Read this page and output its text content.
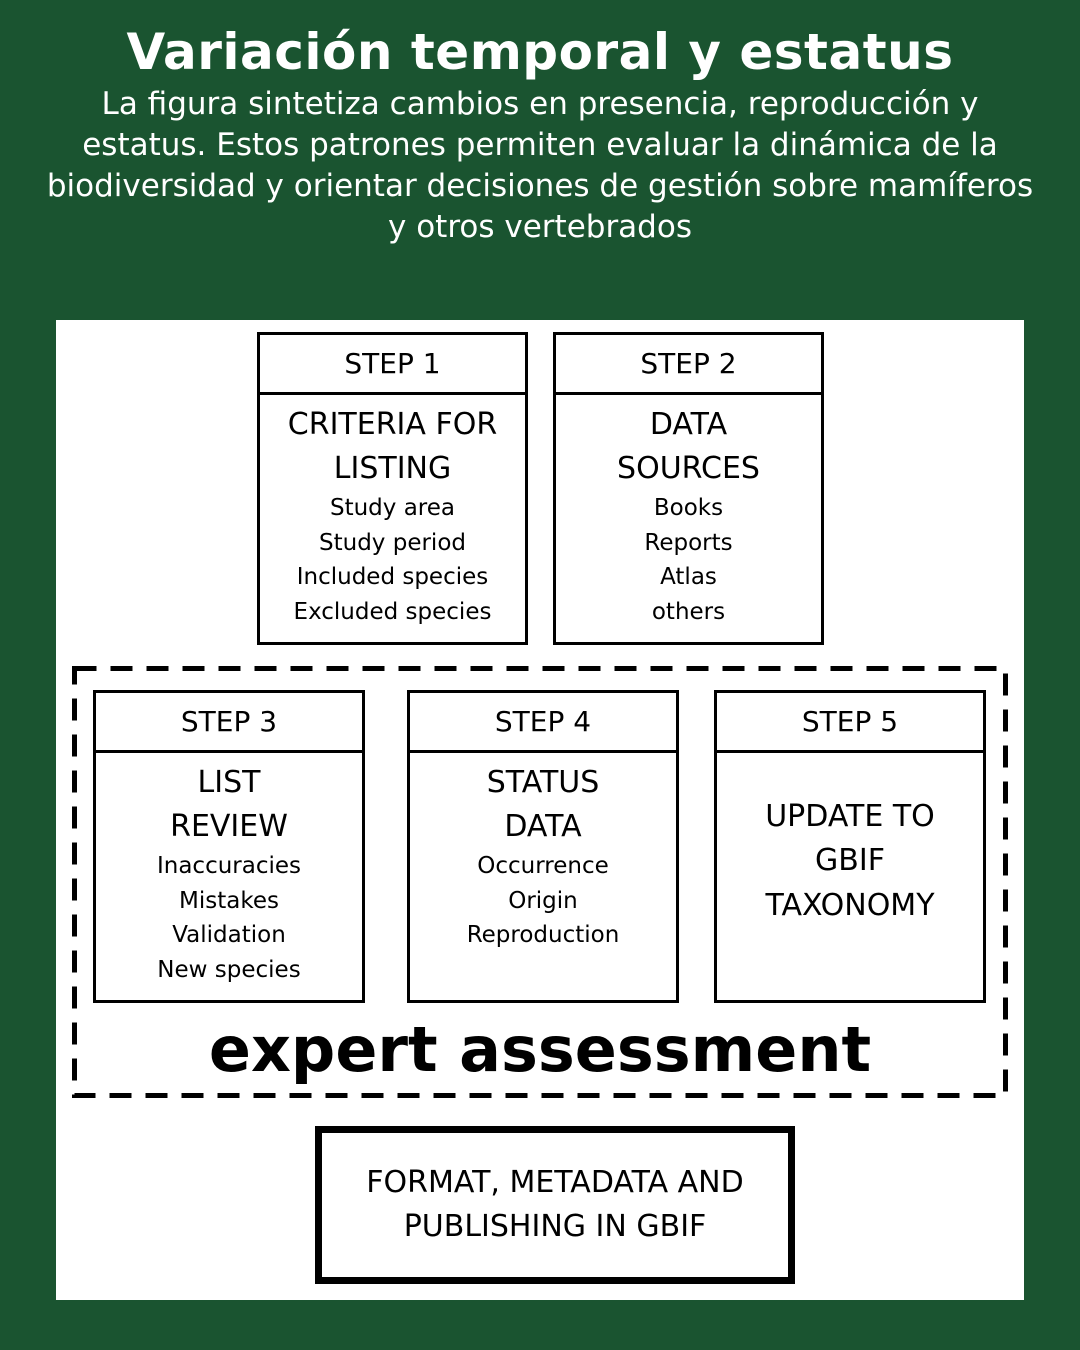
Variación temporal y estatus
La figura sintetiza cambios en presencia, reproducción y estatus. Estos patrones permiten evaluar la dinámica de la biodiversidad y orientar decisiones de gestión sobre mamíferos y otros vertebrados
STEP 1
CRITERIA FOR
LISTING
Study area
Study period
Included species
Excluded species
STEP 2
DATA
SOURCES
Books
Reports
Atlas
others
STEP 3
LIST
REVIEW
Inaccuracies
Mistakes
Validation
New species
STEP 4
STATUS
DATA
Occurrence
Origin
Reproduction
STEP 5
UPDATE TO
GBIF
TAXONOMY
expert assessment
FORMAT, METADATA AND
PUBLISHING IN GBIF
